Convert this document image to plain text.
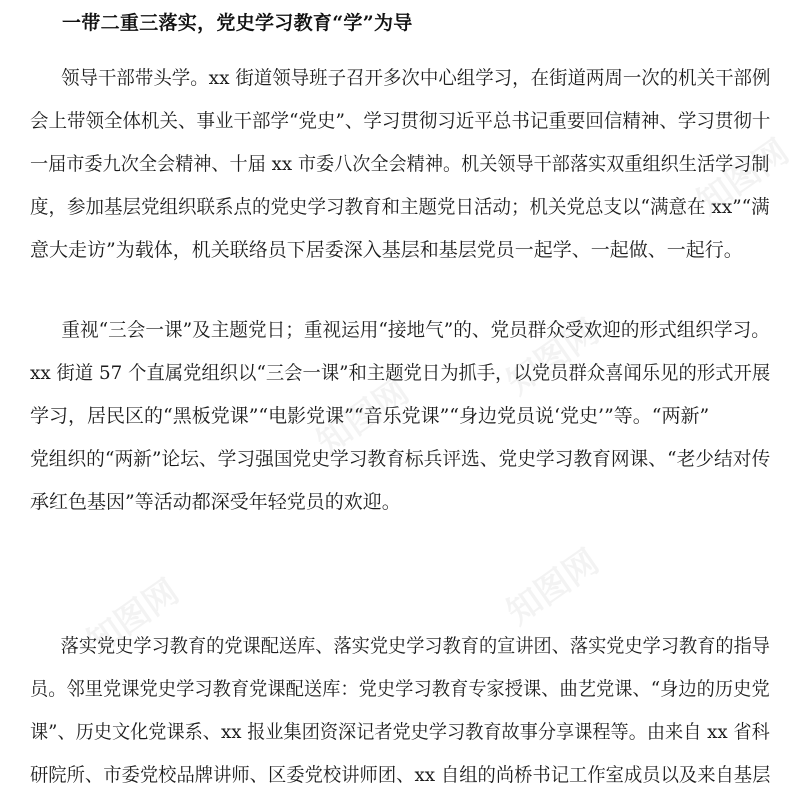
知图网
知图网
知图网	知图网
知图网
一带二重三落实，党史学习教育“学”为导
领导干部带头学。xx 街道领导班子召开多次中心组学习，在街道两周一次的机关干部例
会上带领全体机关、事业干部学“党史”、学习贯彻习近平总书记重要回信精神、学习贯彻十
一届市委九次全会精神、十届 xx 市委八次全会精神。机关领导干部落实双重组织生活学习制
度，参加基层党组织联系点的党史学习教育和主题党日活动；机关党总支以“满意在 xx”“满
意大走访”为载体，机关联络员下居委深入基层和基层党员一起学、一起做、一起行。
重视“三会一课”及主题党日；重视运用“接地气”的、党员群众受欢迎的形式组织学习。
xx 街道 57 个直属党组织以“三会一课”和主题党日为抓手，以党员群众喜闻乐见的形式开展
学习，居民区的“黑板党课”“电影党课”“音乐党课”“身边党员说‘党史’”等。“两新”
党组织的“两新”论坛、学习强国党史学习教育标兵评选、党史学习教育网课、“老少结对传
承红色基因”等活动都深受年轻党员的欢迎。
落实党史学习教育的党课配送库、落实党史学习教育的宣讲团、落实党史学习教育的指导
员。邻里党课党史学习教育党课配送库：党史学习教育专家授课、曲艺党课、“身边的历史党
课”、历史文化党课系、xx 报业集团资深记者党史学习教育故事分享课程等。由来自 xx 省科
研院所、市委党校品牌讲师、区委党校讲师团、xx 自组的尚桥书记工作室成员以及来自基层
